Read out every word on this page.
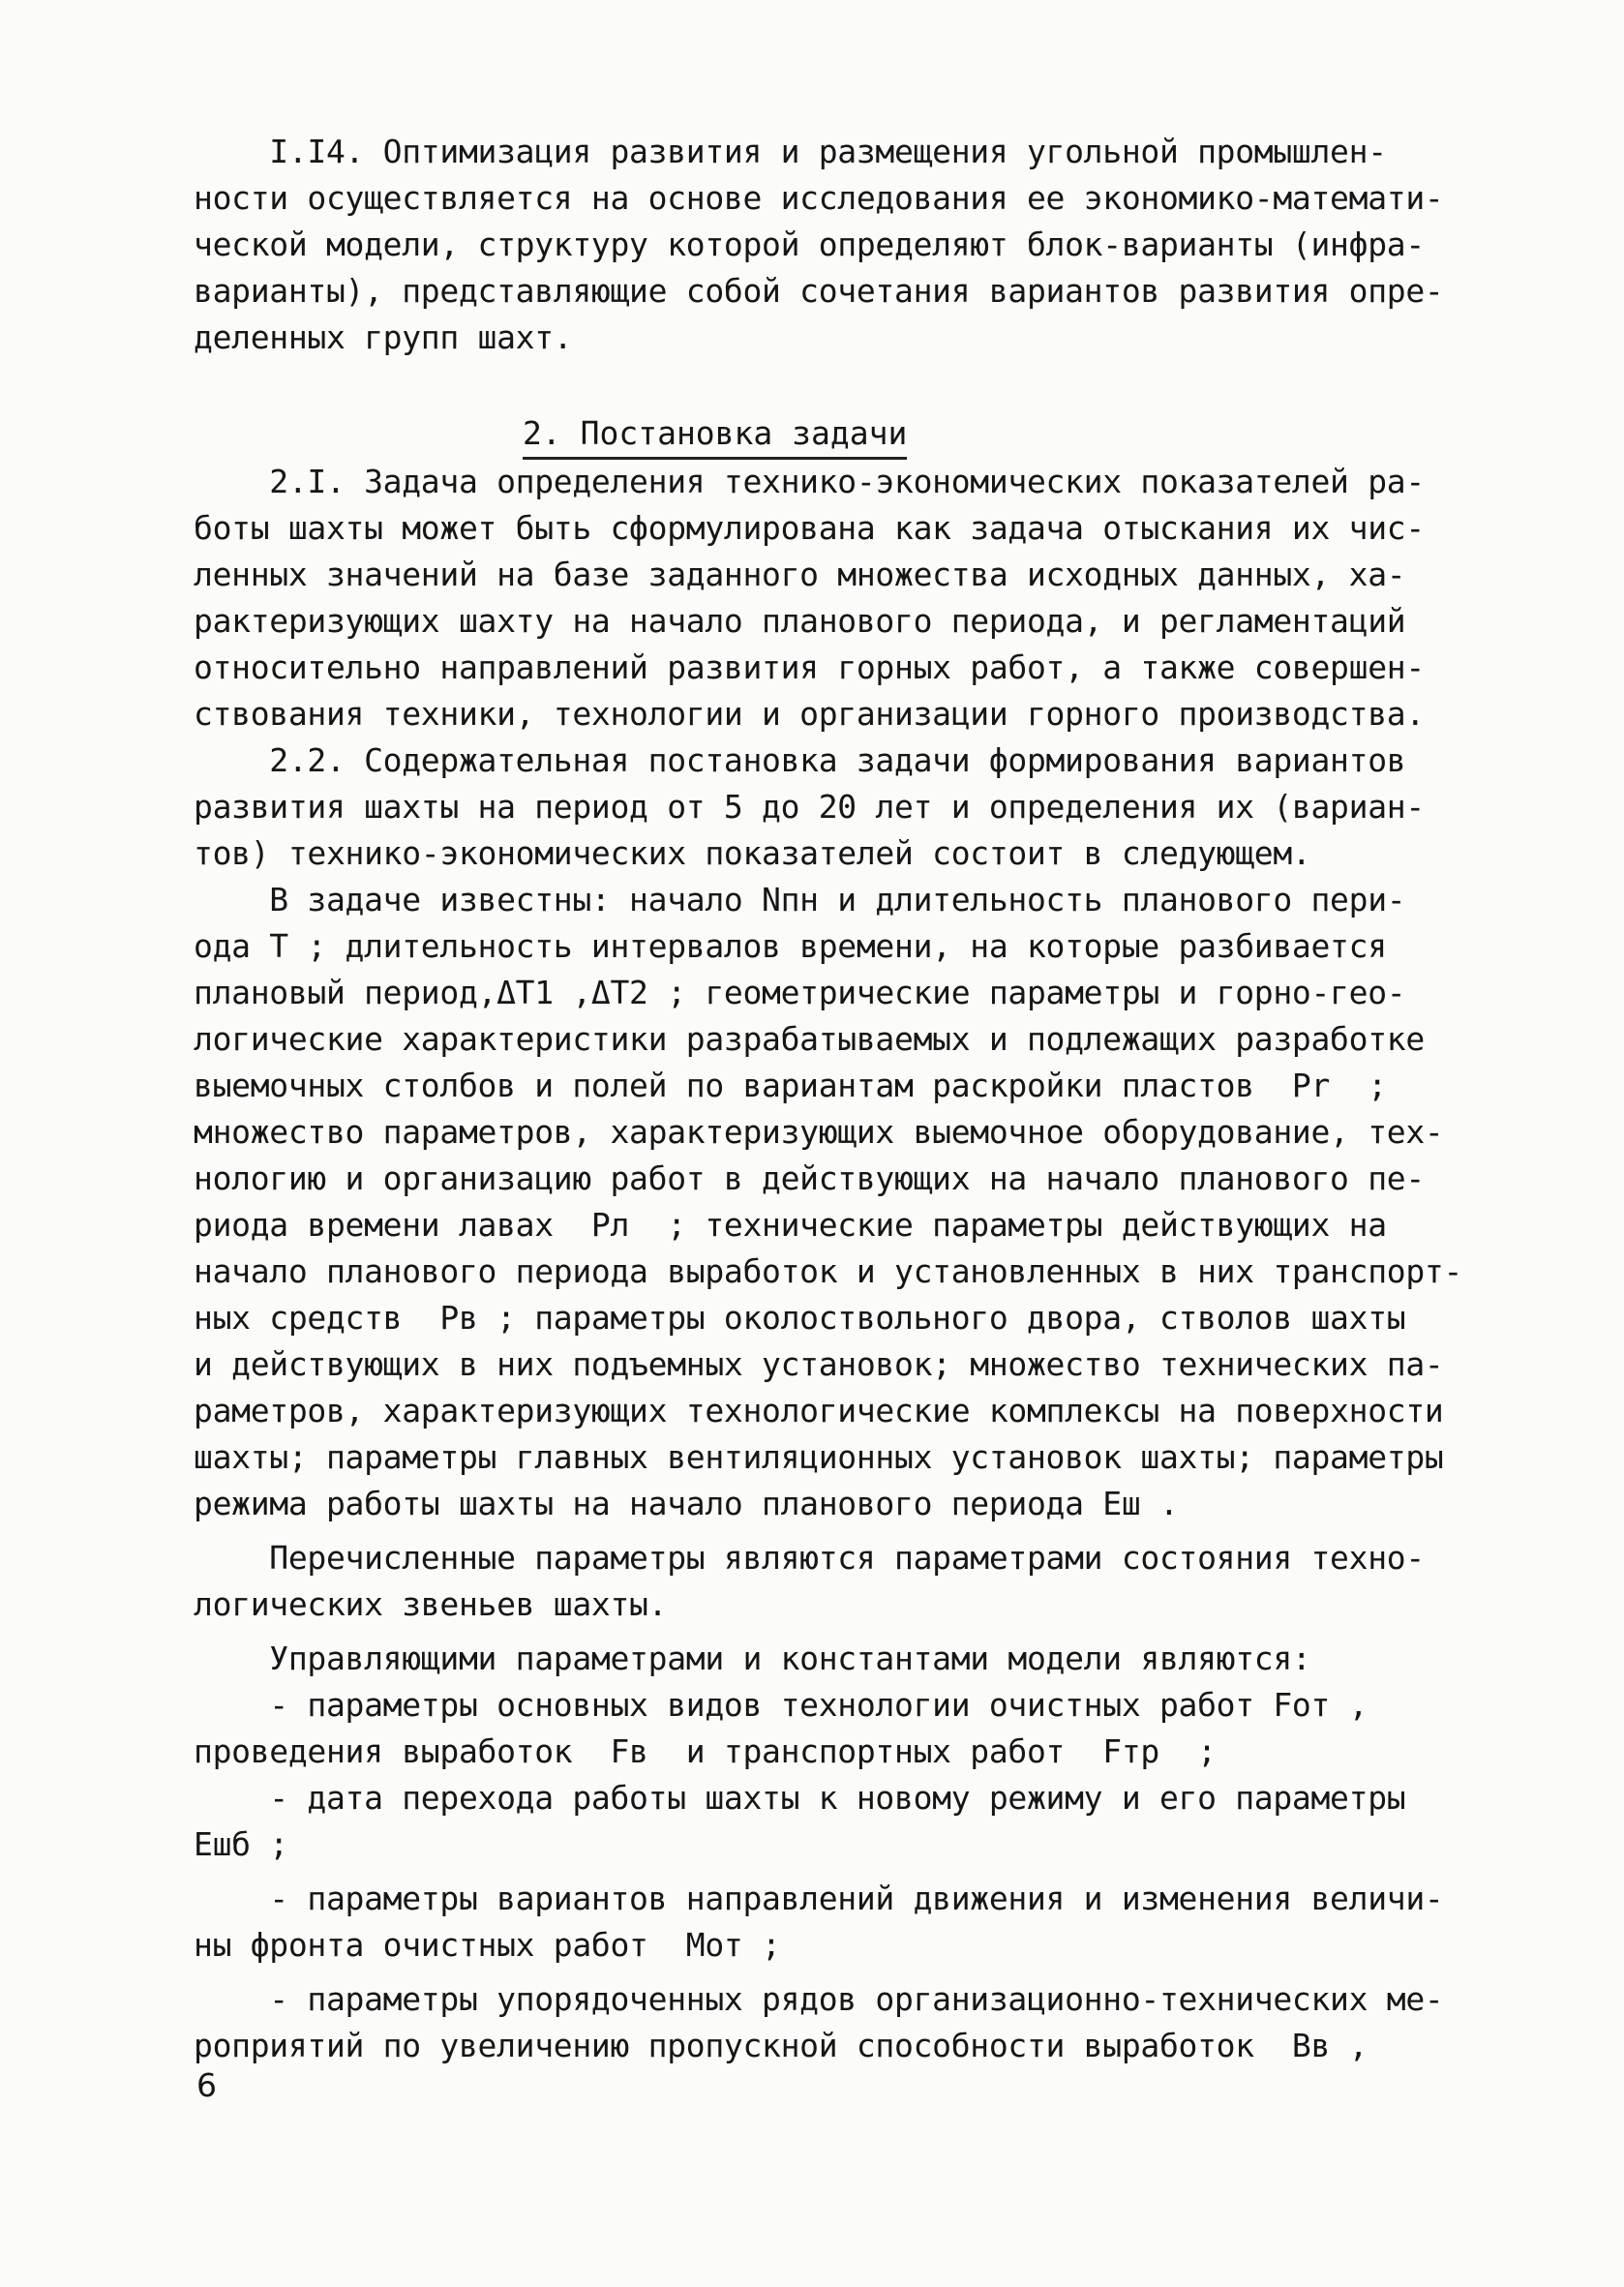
I.I4. Оптимизация развития и размещения угольной промышлен-
ности осуществляется на основе исследования ее экономико-математи-
ческой модели, структуру которой определяют блок-варианты (инфра-
варианты), представляющие собой сочетания вариантов развития опре-
деленных групп шахт.
2. Постановка задачи
2.I. Задача определения технико-экономических показателей ра-
боты шахты может быть сформулирована как задача отыскания их чис-
ленных значений на базе заданного множества исходных данных, ха-
рактеризующих шахту на начало планового периода, и регламентаций
относительно направлений развития горных работ, а также совершен-
ствования техники, технологии и организации горного производства.
2.2. Содержательная постановка задачи формирования вариантов
развития шахты на период от 5 до 20 лет и определения их (вариан-
тов) технико-экономических показателей состоит в следующем.
В задаче известны: начало Nпн и длительность планового пери-
ода T ; длительность интервалов времени, на которые разбивается
плановый период,ΔT1 ,ΔT2 ; геометрические параметры и горно-гео-
логические характеристики разрабатываемых и подлежащих разработке
выемочных столбов и полей по вариантам раскройки пластов  Pr  ;
множество параметров, характеризующих выемочное оборудование, тех-
нологию и организацию работ в действующих на начало планового пе-
риода времени лавах  Pл  ; технические параметры действующих на
начало планового периода выработок и установленных в них транспорт-
ных средств  Pв ; параметры околоствольного двора, стволов шахты
и действующих в них подъемных установок; множество технических па-
раметров, характеризующих технологические комплексы на поверхности
шахты; параметры главных вентиляционных установок шахты; параметры
режима работы шахты на начало планового периода Eш .
Перечисленные параметры являются параметрами состояния техно-
логических звеньев шахты.
Управляющими параметрами и константами модели являются:
- параметры основных видов технологии очистных работ Fот ,
проведения выработок  Fв  и транспортных работ  Fтр  ;
- дата перехода работы шахты к новому режиму и его параметры
Eшб ;
- параметры вариантов направлений движения и изменения величи-
ны фронта очистных работ  Mот ;
- параметры упорядоченных рядов организационно-технических ме-
роприятий по увеличению пропускной способности выработок  Bв ,
6
